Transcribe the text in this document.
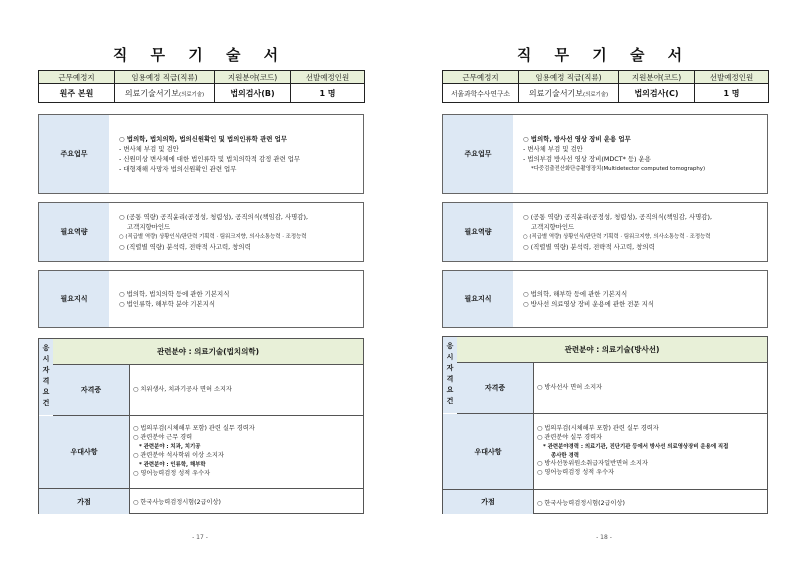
직 무 기 술 서
근무예정지	임용예정 직급(직류)	지원분야(코드)	선발예정인원
원주 본원	의료기술서기보(의료기술)	법의검사(B)	1 명
주요업무
○ 법의학, 법치의학, 법의신원확인 및 법의인류학 관련 업무
- 변사체 부검 및 검안
- 신원미상 변사체에 대한 법인류학 및 법치의학적 감정 관련 업무
- 대형재해 사망자 법의신원확인 관련 업무
필요역량
○ (공통 역량) 공직윤리(공정성, 청렴성), 공직의식(책임감, 사명감),
고객지향마인드
○ (직급별 역량) 상황인식/판단력 기획력 · 팀워크지향, 의사소통능력 · 조정능력
○ (직렬별 역량) 분석력, 전략적 사고력, 창의력
필요지식
○ 법의학, 법치의학 등에 관한 기본지식
○ 법인류학, 해부학 분야 기본지식
응
시
자
격
요
건
관련분야 : 의료기술(법치의학)
자격증	○ 치위생사, 치과기공사 면허 소지자
우대사항
○ 법의부검(시체해부 포함) 관련 실무 경력자
○ 관련분야 근무 경력
* 관련분야 : 치과, 치기공
○ 관련분야 석사학위 이상 소지자
* 관련분야 : 인류학, 해부학
○ 영어능력검정 성적 우수자
가점	○ 한국사능력검정시험(2급이상)
- 17 -
직 무 기 술 서
근무예정지	임용예정 직급(직류)	지원분야(코드)	선발예정인원
서울과학수사연구소	의료기술서기보(의료기술)	법의검사(C)	1 명
주요업무
○ 법의학, 방사선 영상 장비 운용 업무
- 변사체 부검 및 검안
- 법의부검 방사선 영상 장비(MDCT* 등) 운용
*다중검출전산화단층촬영장치(Multidetector computed tomography)
필요역량
○ (공통 역량) 공직윤리(공정성, 청렴성), 공직의식(책임감, 사명감),
고객지향마인드
○ (직급별 역량) 상황인식/판단력 기획력 · 팀워크지향, 의사소통능력 · 조정능력
○ (직렬별 역량) 분석력, 전략적 사고력, 창의력
필요지식
○ 법의학, 해부학 등에 관한 기본지식
○ 방사선 의료영상 장비 운용에 관한 전문 지식
응
시
자
격
요
건
관련분야 : 의료기술(방사선)
자격증	○ 방사선사 면허 소지자
우대사항
○ 법의부검(시체해부 포함) 관련 실무 경력자
○ 관련분야 실무 경력자
* 관련분야경력 : 의료기관, 진단기관 등에서 방사선 의료영상장비 운용에 직접
종사한 경력
○ 방사선동위원소취급자일반면허 소지자
○ 영어능력검정 성적 우수자
가점	○ 한국사능력검정시험(2급이상)
- 18 -
